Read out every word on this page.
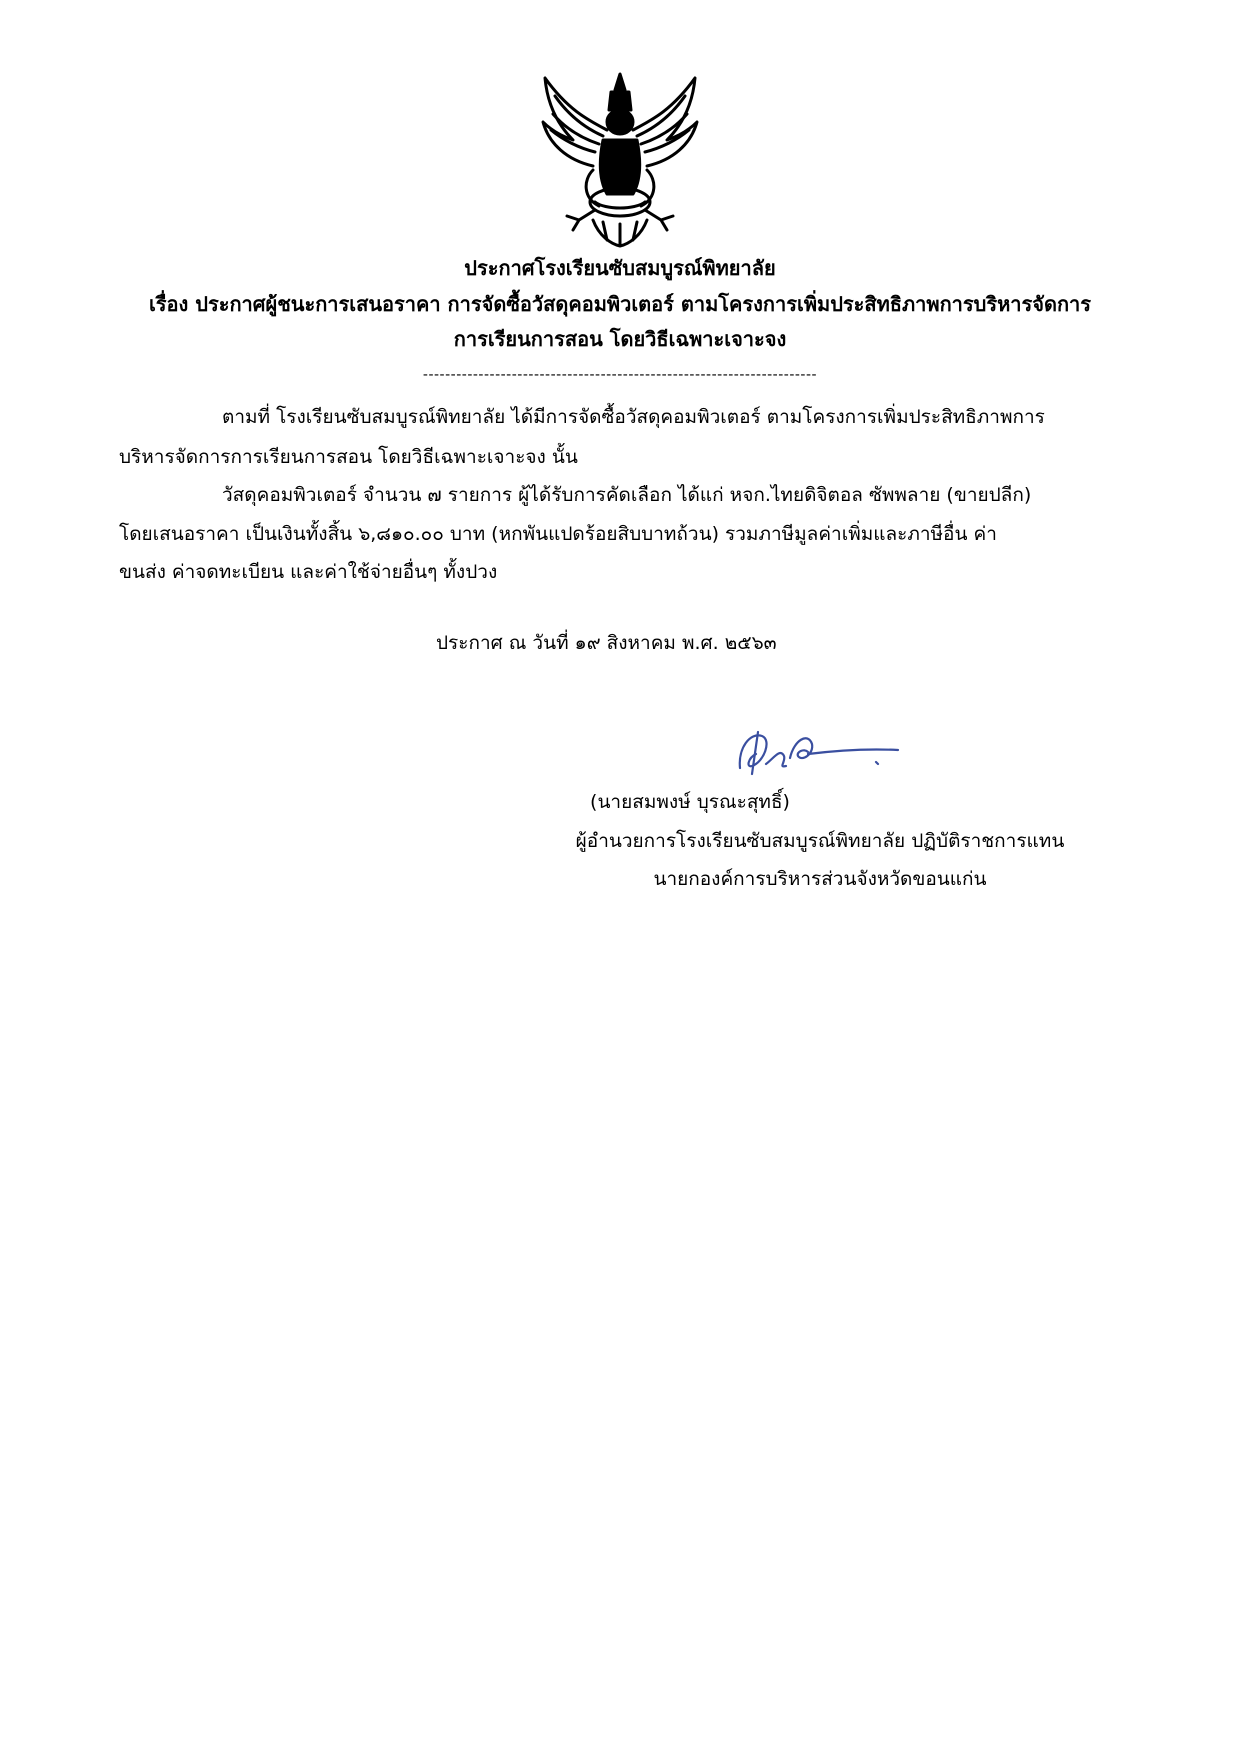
ประกาศโรงเรียนซับสมบูรณ์พิทยาลัย
เรื่อง ประกาศผู้ชนะการเสนอราคา การจัดซื้อวัสดุคอมพิวเตอร์ ตามโครงการเพิ่มประสิทธิภาพการบริหารจัดการ
การเรียนการสอน โดยวิธีเฉพาะเจาะจง
-----------------------------------------------------------------------
ตามที่ โรงเรียนซับสมบูรณ์พิทยาลัย ได้มีการจัดซื้อวัสดุคอมพิวเตอร์ ตามโครงการเพิ่มประสิทธิภาพการ
บริหารจัดการการเรียนการสอน โดยวิธีเฉพาะเจาะจง นั้น
วัสดุคอมพิวเตอร์ จำนวน ๗ รายการ ผู้ได้รับการคัดเลือก ได้แก่ หจก.ไทยดิจิตอล ซัพพลาย (ขายปลีก)
โดยเสนอราคา เป็นเงินทั้งสิ้น ๖,๘๑๐.๐๐ บาท (หกพันแปดร้อยสิบบาทถ้วน) รวมภาษีมูลค่าเพิ่มและภาษีอื่น ค่า
ขนส่ง ค่าจดทะเบียน และค่าใช้จ่ายอื่นๆ ทั้งปวง
ประกาศ ณ วันที่ ๑๙ สิงหาคม พ.ศ. ๒๕๖๓
(นายสมพงษ์ บุรณะสุทธิ์)
ผู้อำนวยการโรงเรียนซับสมบูรณ์พิทยาลัย ปฏิบัติราชการแทน
นายกองค์การบริหารส่วนจังหวัดขอนแก่น
